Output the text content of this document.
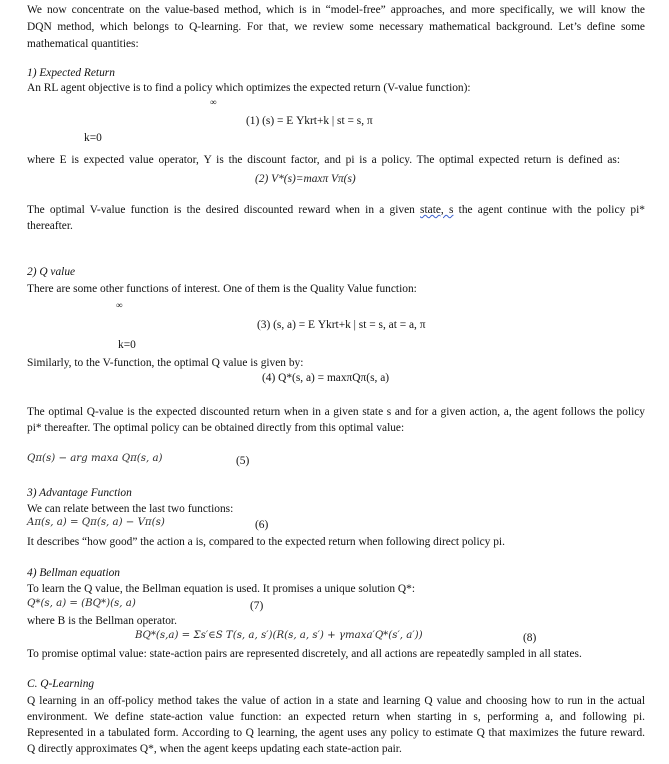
We now concentrate on the value-based method, which is in “model-free” approaches, and more specifically, we will know the
DQN method, which belongs to Q-learning. For that, we review some necessary mathematical background. Let’s define some
mathematical quantities:
1) Expected Return
An RL agent objective is to find a policy which optimizes the expected return (V-value function):
∞
(1) (s) = E Υkrt+k | st = s, π
k=0
where E is expected value operator, Υ is the discount factor, and pi is a policy. The optimal expected return is defined as:
(2) V*(s)=maxπ Vπ(s)
The optimal V-value function is the desired discounted reward when in a given state, s the agent continue with the policy pi*
thereafter.
2) Q value
There are some other functions of interest. One of them is the Quality Value function:
∞
(3) (s, a) = E Υkrt+k | st = s, at = a, π
k=0
Similarly, to the V-function, the optimal Q value is given by:
(4) Q*(s, a) = maxπQπ(s, a)
The optimal Q-value is the expected discounted return when in a given state s and for a given action, a, the agent follows the policy
pi* thereafter. The optimal policy can be obtained directly from this optimal value:
Qπ(s) − arg maxa Qπ(s, a)	(5)
3) Advantage Function
We can relate between the last two functions:
Aπ(s, a) = Qπ(s, a) − Vπ(s)	(6)
It describes “how good” the action a is, compared to the expected return when following direct policy pi.
4) Bellman equation
To learn the Q value, the Bellman equation is used. It promises a unique solution Q*:
Q*(s, a) = (BQ*)(s, a)	(7)
where B is the Bellman operator.
BQ*(s,a) = Σs′∈S T(s, a, s′)(R(s, a, s′) + γmaxa′Q*(s′, a′))	(8)
To promise optimal value: state-action pairs are represented discretely, and all actions are repeatedly sampled in all states.
C. Q-Learning
Q learning in an off-policy method takes the value of action in a state and learning Q value and choosing how to run in the actual
environment. We define state-action value function: an expected return when starting in s, performing a, and following pi.
Represented in a tabulated form. According to Q learning, the agent uses any policy to estimate Q that maximizes the future reward.
Q directly approximates Q*, when the agent keeps updating each state-action pair.
